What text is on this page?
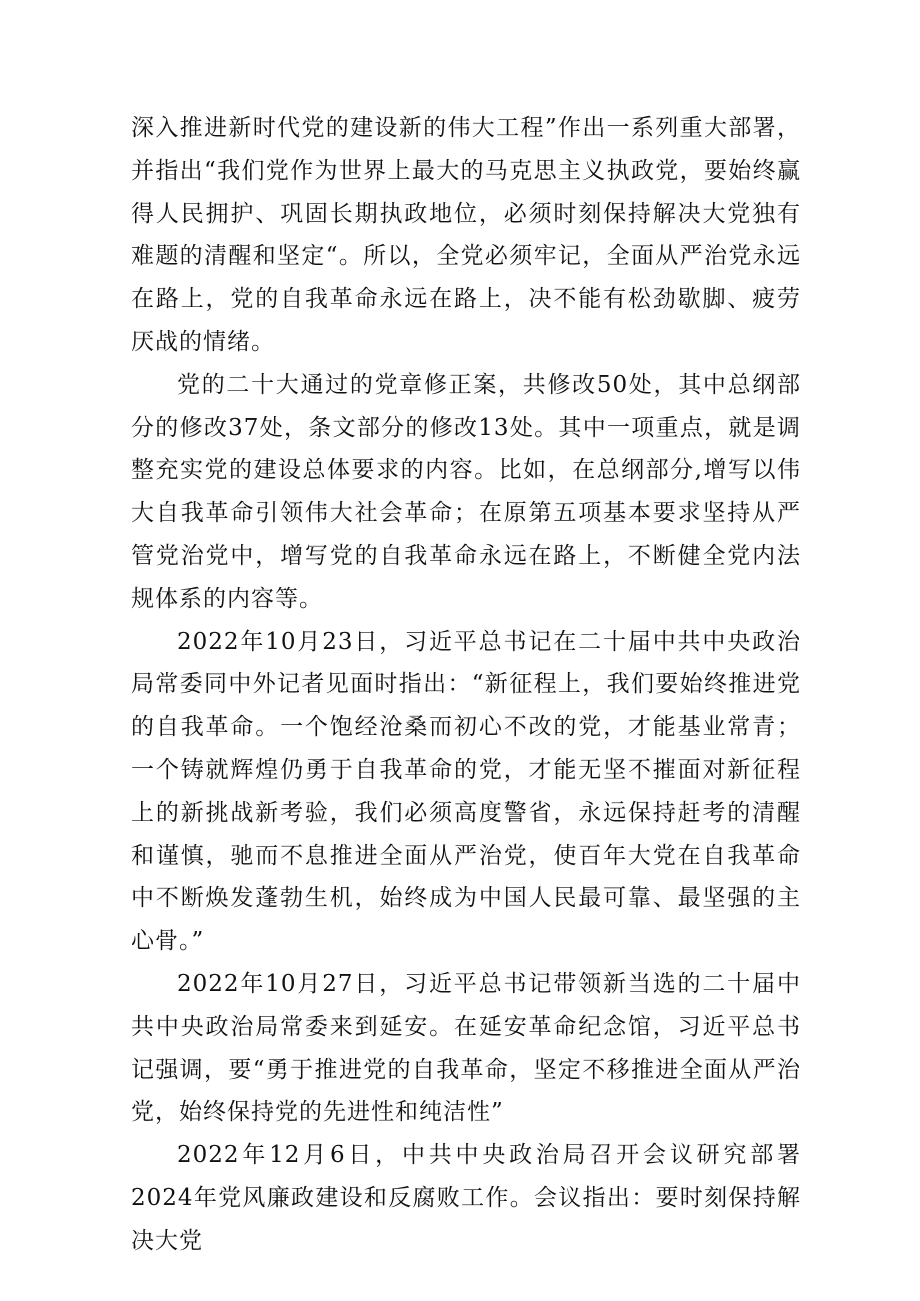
深入推进新时代党的建设新的伟大工程”作出一系列重大部署，并指出“我们党作为世界上最大的马克思主义执政党，要始终赢得人民拥护、巩固长期执政地位，必须时刻保持解决大党独有难题的清醒和坚定“。所以，全党必须牢记，全面从严治党永远在路上，党的自我革命永远在路上，决不能有松劲歇脚、疲劳厌战的情绪。

党的二十大通过的党章修正案，共修改50处，其中总纲部分的修改37处，条文部分的修改13处。其中一项重点，就是调整充实党的建设总体要求的内容。比如，在总纲部分,增写以伟大自我革命引领伟大社会革命；在原第五项基本要求坚持从严管党治党中，增写党的自我革命永远在路上，不断健全党内法规体系的内容等。

2022年10月23日，习近平总书记在二十届中共中央政治局常委同中外记者见面时指出：“新征程上，我们要始终推进党的自我革命。一个饱经沧桑而初心不改的党，才能基业常青；一个铸就辉煌仍勇于自我革命的党，才能无坚不摧面对新征程上的新挑战新考验，我们必须高度警省，永远保持赶考的清醒和谨慎，驰而不息推进全面从严治党，使百年大党在自我革命中不断焕发蓬勃生机，始终成为中国人民最可靠、最坚强的主心骨。”

2022年10月27日，习近平总书记带领新当选的二十届中共中央政治局常委来到延安。在延安革命纪念馆，习近平总书记强调，要“勇于推进党的自我革命，坚定不移推进全面从严治党，始终保持党的先进性和纯洁性”

2022年12月6日，中共中央政治局召开会议研究部署2024年党风廉政建设和反腐败工作。会议指出：要时刻保持解决大党
